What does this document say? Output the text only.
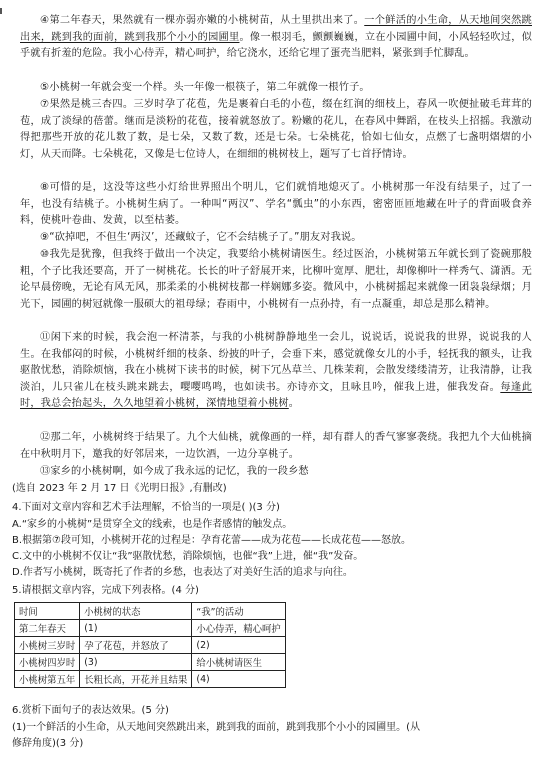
④第二年春天，果然就有一棵亦弱亦嫩的小桃树苗，从土里拱出来了。一个鲜活的小生命，从天地间突然跳出来，跳到我的面前，跳到我那个小小的园圃里。像一根羽毛，颤颤巍巍，立在小园圃中间，小风轻轻吹过，似乎就有折羞的危险。我小心侍弄，精心呵护，给它浇水，还给它埋了蛋壳当肥料，紧张到手忙脚乱。

⑤小桃树一年就会变一个样。头一年像一根筷子，第二年就像一根竹子。

⑦果然是桃三杏四。三岁时孕了花苞，先是裹着白毛的小苞，缀在红润的细枝上，春风一吹便扯破毛茸茸的苞，成了淡绿的蓓蕾。继而是淡粉的花苞，接着就怒放了。粉嫩的花儿，在春风中舞蹈，在枝头上招摇。我激动得把那些开放的花儿数了数，是七朵，又数了数，还是七朵。七朵桃花，恰如七仙女，点燃了七盏明熠熠的小灯，从天而降。七朵桃花，又像是七位诗人，在细细的桃树枝上，题写了七首抒情诗。

⑧可惜的是，这没等这些小灯给世界照出个明儿，它们就悄地熄灭了。小桃树那一年没有结果子，过了一年，也没有结桃子。小桃树生病了。一种叫“两汉”、学名“瓢虫”的小东西，密密匝匝地藏在叶子的背面吸食养料，使桃叶卷曲、发黄，以至枯萎。

⑨“砍掉吧，不但生‘两汉’，还藏蚊子，它不会结桃子了。”朋友对我说。

⑩我先是犹豫，但我终于做出一个决定，我要给小桃树请医生。经过医治，小桃树第五年就长到了瓷碗那般粗，个子比我还要高，开了一树桃花。长长的叶子舒展开来，比柳叶宽厚、肥壮，却像柳叶一样秀气、潇洒。无论早晨傍晚，无论有风无风，那柔柔的小桃树枝都一样娴娜多姿。微风中，小桃树摇起来就像一团袅袅绿烟；月光下，园圃的树冠就像一服硕大的祖母绿；春雨中，小桃树有一点孙持，有一点凝重，却总是那么精神。

⑪闲下来的时候，我会泡一杯清茶，与我的小桃树静静地坐一会儿，说说话，说说我的世界，说说我的人生。在我郁闷的时候，小桃树纤细的枝条、纷披的叶子，会垂下来，感觉就像女儿的小手，轻抚我的额头，让我驱散忧愁，消除烦恼，我在小桃树下读书的时候，树下冗丛草兰、几株茉莉，会散发缕缕清芳，让我清静，让我淡泊，儿只雀儿在枝头跳来跳去，嘤嘤鸣鸣，也如读书。亦诗亦文，且咏且吟，催我上进，催我发奋。每逢此时，我总会抬起头，久久地望着小桃树，深情地望着小桃树。

⑫那二年，小桃树终于结果了。九个大仙桃，就像画的一样，却有群人的香气寥寥袭绕。我把九个大仙桃摘在中秋明月下，邀我的好邻居来，一边饮酒，一边分享桃子。

⑬家乡的小桃树啊，如今成了我永远的记忆，我的一段乡愁

(选自 2023 年 2 月 17 日《光明日报》,有删改)

4.下面对文章内容和艺术手法理解，不恰当的一项是( )(3 分)

A.“家乡的小桃树”是贯穿全文的线索，也是作者感情的触发点。

B.根据第⑦段可知，小桃树开花的过程是：孕育花蕾——成为花苞——长成花苞——怒放。

C.文中的小桃树不仅让“我”驱散忧愁，消除烦恼，也催“我”上进，催“我”发奋。

D.作者写小桃树，既寄托了作者的乡愁，也表达了对美好生活的追求与向往。

5.请根据文章内容，完成下列表格。(4 分)

时间	小桃树的状态	“我”的活动
第二年春天	(1)	小心侍弄，精心呵护
小桃树三岁时	孕了花苞，并怒放了	(2)
小桃树四岁时	(3)	给小桃树请医生
小桃树第五年	长粗长高，开花并且结果	(4)

6.赏析下面句子的表达效果。(5 分)

(1)一个鲜活的小生命，从天地间突然跳出来，跳到我的面前，跳到我那个小小的园圃里。(从

修辞角度)(3 分)
